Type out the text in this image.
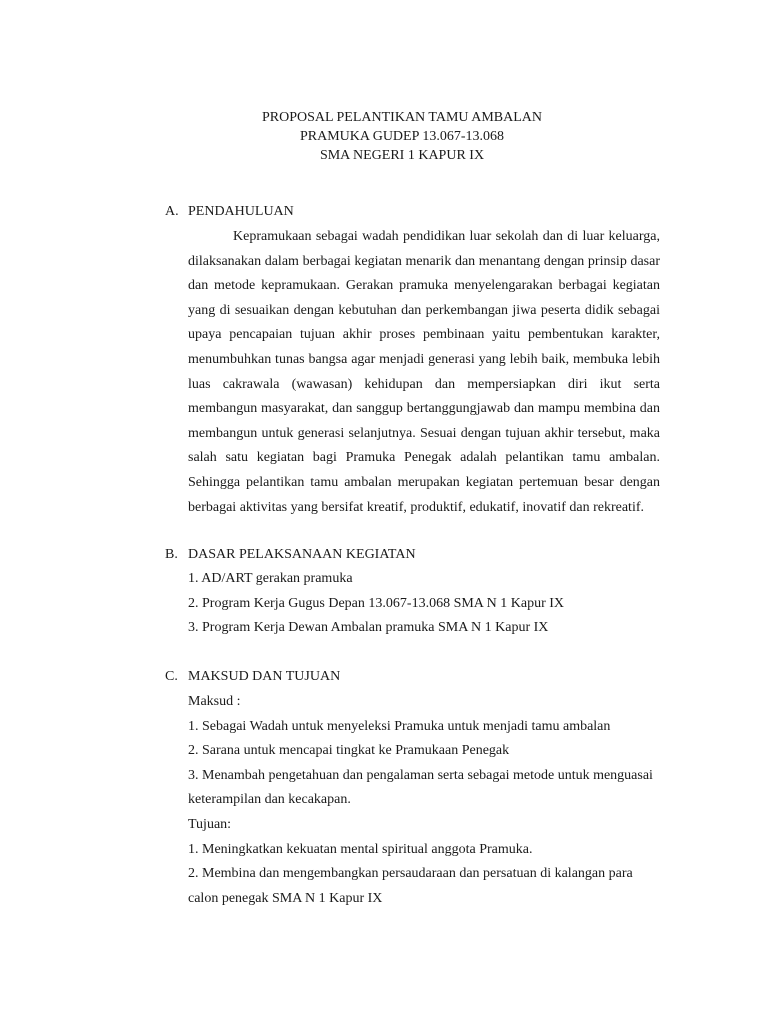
PROPOSAL PELANTIKAN TAMU AMBALAN
PRAMUKA GUDEP 13.067-13.068
SMA NEGERI 1 KAPUR IX
A. PENDAHULUAN
Kepramukaan sebagai wadah pendidikan luar sekolah dan di luar keluarga, dilaksanakan dalam berbagai kegiatan menarik dan menantang dengan prinsip dasar dan metode kepramukaan. Gerakan pramuka menyelengarakan berbagai kegiatan yang di sesuaikan dengan kebutuhan dan perkembangan jiwa peserta didik sebagai upaya pencapaian tujuan akhir proses pembinaan yaitu pembentukan karakter, menumbuhkan tunas bangsa agar menjadi generasi yang lebih baik, membuka lebih luas cakrawala (wawasan) kehidupan dan mempersiapkan diri ikut serta membangun masyarakat, dan sanggup bertanggungjawab dan mampu membina dan membangun untuk generasi selanjutnya. Sesuai dengan tujuan akhir tersebut, maka salah satu kegiatan bagi Pramuka Penegak adalah pelantikan tamu ambalan. Sehingga pelantikan tamu ambalan merupakan kegiatan pertemuan besar dengan berbagai aktivitas yang bersifat kreatif, produktif, edukatif, inovatif dan rekreatif.
B. DASAR PELAKSANAAN KEGIATAN
1. AD/ART gerakan pramuka
2. Program Kerja Gugus Depan 13.067-13.068 SMA N 1 Kapur IX
3. Program Kerja Dewan Ambalan pramuka SMA N 1 Kapur IX
C. MAKSUD DAN TUJUAN
Maksud :
1. Sebagai Wadah untuk menyeleksi Pramuka untuk menjadi tamu ambalan
2. Sarana untuk mencapai tingkat ke Pramukaan Penegak
3. Menambah pengetahuan dan pengalaman serta sebagai metode untuk menguasai keterampilan dan kecakapan.
Tujuan:
1. Meningkatkan kekuatan mental spiritual anggota Pramuka.
2. Membina dan mengembangkan persaudaraan dan persatuan di kalangan para calon penegak SMA N 1 Kapur IX
